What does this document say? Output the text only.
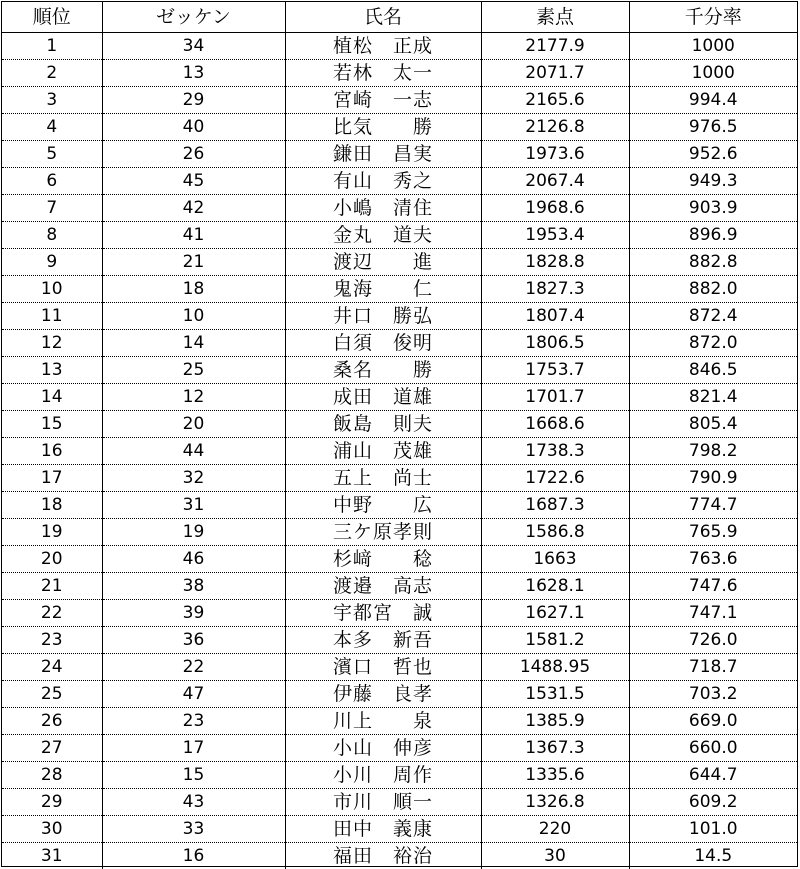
順位	ゼッケン	氏名	素点	千分率
1	34	植松　正成	2177.9	1000
2	13	若林　太一	2071.7	1000
3	29	宮崎　一志	2165.6	994.4
4	40	比気　　勝	2126.8	976.5
5	26	鎌田　昌実	1973.6	952.6
6	45	有山　秀之	2067.4	949.3
7	42	小嶋　清住	1968.6	903.9
8	41	金丸　道夫	1953.4	896.9
9	21	渡辺　　進	1828.8	882.8
10	18	鬼海　　仁	1827.3	882.0
11	10	井口　勝弘	1807.4	872.4
12	14	白須　俊明	1806.5	872.0
13	25	桑名　　勝	1753.7	846.5
14	12	成田　道雄	1701.7	821.4
15	20	飯島　則夫	1668.6	805.4
16	44	浦山　茂雄	1738.3	798.2
17	32	五上　尚士	1722.6	790.9
18	31	中野　　広	1687.3	774.7
19	19	三ケ原孝則	1586.8	765.9
20	46	杉﨑　　稔	1663	763.6
21	38	渡邉　高志	1628.1	747.6
22	39	宇都宮　誠	1627.1	747.1
23	36	本多　新吾	1581.2	726.0
24	22	濱口　哲也	1488.95	718.7
25	47	伊藤　良孝	1531.5	703.2
26	23	川上　　泉	1385.9	669.0
27	17	小山　伸彦	1367.3	660.0
28	15	小川　周作	1335.6	644.7
29	43	市川　順一	1326.8	609.2
30	33	田中　義康	220	101.0
31	16	福田　裕治	30	14.5
